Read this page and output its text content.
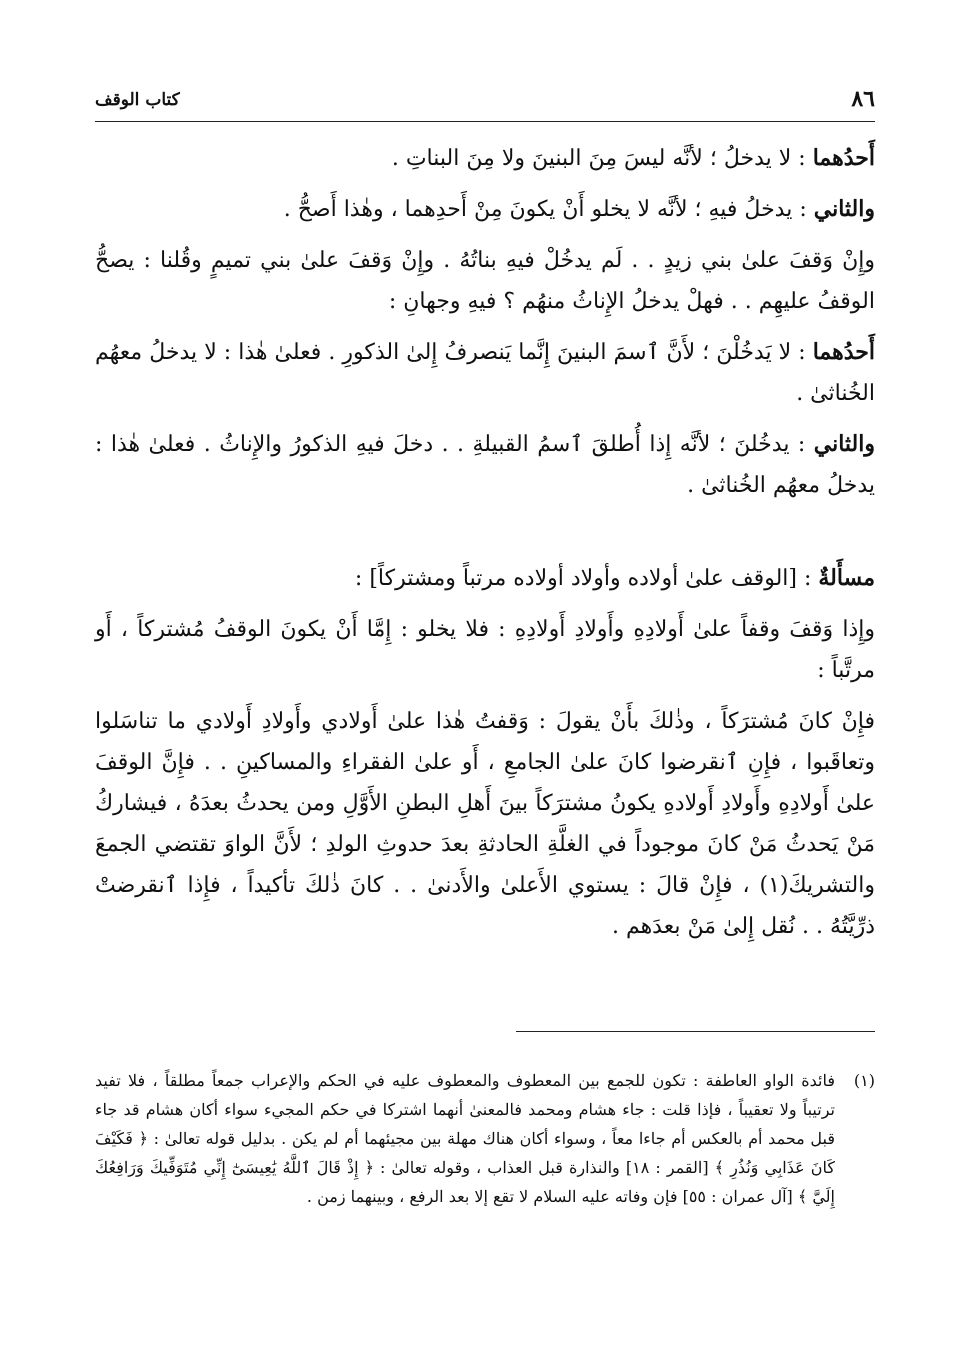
٨٦
كتاب الوقف

أَحدُهما : لا يدخلُ ؛ لأنَّه ليسَ مِنَ البنينَ ولا مِنَ البناتِ .

والثاني : يدخلُ فيهِ ؛ لأنَّه لا يخلو أَنْ يكونَ مِنْ أَحدِهما ، وهٰذا أَصحُّ .

وإِنْ وَقفَ علىٰ بني زيدٍ . . لَم يدخُلْ فيهِ بناتُهُ . وإِنْ وَقفَ علىٰ بني تميمٍ وقُلنا : يصحُّ الوقفُ عليهِم . . فهلْ يدخلُ الإِناثُ منهُم ؟ فيهِ وجهانِ :

أَحدُهما : لا يَدخُلْنَ ؛ لأَنَّ ٱسمَ البنينَ إِنَّما يَنصرفُ إِلىٰ الذكورِ . فعلىٰ هٰذا : لا يدخلُ معهُم الخُناثىٰ .

والثاني : يدخُلنَ ؛ لأنَّه إِذا أُطلقَ ٱسمُ القبيلةِ . . دخلَ فيهِ الذكورُ والإِناثُ . فعلىٰ هٰذا : يدخلُ معهُم الخُناثىٰ .

مسأَلةٌ : [الوقف علىٰ أولاده وأولاد أولاده مرتباً ومشتركاً] :

وإِذا وَقفَ وقفاً علىٰ أَولادِهِ وأَولادِ أَولادِهِ : فلا يخلو : إِمَّا أَنْ يكونَ الوقفُ مُشتركاً ، أَو مرتَّباً :

فإِنْ كانَ مُشترَكاً ، وذٰلكَ بأَنْ يقولَ : وَقفتُ هٰذا علىٰ أَولادي وأَولادِ أَولادي ما تناسَلوا وتعاقَبوا ، فإِنِ ٱنقرضوا كانَ علىٰ الجامعِ ، أَو علىٰ الفقراءِ والمساكينِ . . فإِنَّ الوقفَ علىٰ أَولادِهِ وأَولادِ أَولادهِ يكونُ مشترَكاً بينَ أَهلِ البطنِ الأَوَّلِ ومن يحدثُ بعدَهُ ، فيشاركُ مَنْ يَحدثُ مَنْ كانَ موجوداً في الغلَّةِ الحادثةِ بعدَ حدوثِ الولدِ ؛ لأَنَّ الواوَ تقتضي الجمعَ والتشريكَ(١) ، فإِنْ قالَ : يستوي الأَعلىٰ والأَدنىٰ . . كانَ ذٰلكَ تأكيداً ، فإِذا ٱنقرضتْ ذرِّيَّتُهُ . . نُقل إِلىٰ مَنْ بعدَهم .

(١)
فائدة الواو العاطفة : تكون للجمع بين المعطوف والمعطوف عليه في الحكم والإعراب جمعاً مطلقاً ، فلا تفيد ترتيباً ولا تعقيباً ، فإذا قلت : جاء هشام ومحمد فالمعنىٰ أنهما اشتركا في حكم المجيء سواء أكان هشام قد جاء قبل محمد أم بالعكس أم جاءا معاً ، وسواء أكان هناك مهلة بين مجيئهما أم لم يكن . بدليل قوله تعالىٰ : ﴿ فَكَيْفَ كَانَ عَذَابِي وَنُذُرِ ﴾ [القمر : ١٨] والنذارة قبل العذاب ، وقوله تعالىٰ : ﴿ إِذْ قَالَ ٱللَّهُ يَٰعِيسَىٰٓ إِنِّي مُتَوَفِّيكَ وَرَافِعُكَ إِلَيَّ ﴾ [آل عمران : ٥٥] فإن وفاته عليه السلام لا تقع إلا بعد الرفع ، وبينهما زمن .
